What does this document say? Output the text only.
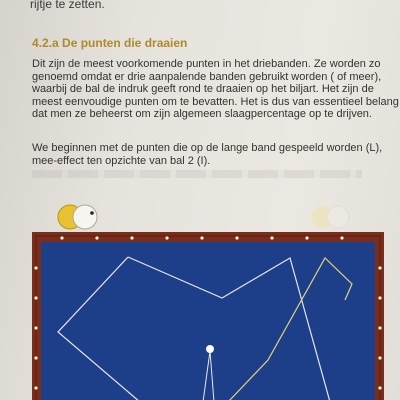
rijtje te zetten.
4.2.a De punten die draaien
Dit zijn de meest voorkomende punten in het driebanden. Ze worden zo
genoemd omdat er drie aanpalende banden gebruikt worden ( of meer),
waarbij de bal de indruk geeft rond te draaien op het biljart. Het zijn de
meest eenvoudige punten om te bevatten. Het is dus van essentieel belang
dat men ze beheerst om zijn algemeen slaagpercentage op te drijven.
We beginnen met de punten die op de lange band gespeeld worden (L),
mee-effect ten opzichte van bal 2 (I).
